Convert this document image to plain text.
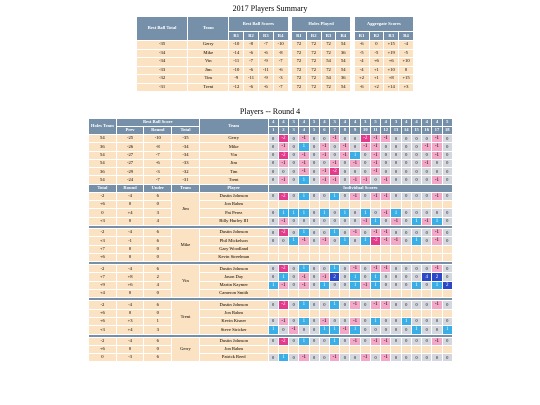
2017 Players Summary
Best Ball Total	Team	Best Ball Scores					Holes Played					Aggregate Scores			
		R1	R2	R3	R4		R1	R2	R3	R4		R1	R2	R3	R4
-35	Gerry	-10	-8	-7	-10		72	72	72	54		-6	0	+15	-4
-34	Mike	-14	-6	-6	-8		72	72	72	36		-5	-5	+19	-5
-34	Vin	-11	-7	-9	-7		72	72	54	54		-4	+6	+6	+10
-33	Jim	-10	-6	-11	-6		72	72	72	54		-4	+1	+10	0
-32	Tim	-9	-11	-9	-3		72	72	54	36		+2	+1	+8	+15
-31	Trent	-12	-6	-6	-7		72	72	72	54		-6	+2	+14	+3
Players -- Round 4
Holes Team	Best Ball Score			Team	4	4	3	4	5	4	3	4	4	3	5	4	3	4	4	4	4	5
	Prev	Round	Total		1	2	3	4	5	6	7	8	9	10	11	12	13	14	15	16	17	18
54	-25	-10	-35	Gerry	0	-2	0	-1	0	0	-1	0	0	-2	-1	-1	0	0	0	0	-1	0
36	-26	-8	-34	Mike	0	-1	0	1	0	-1	0	-1	0	-1	-1	0	0	0	0	-1	-1	0
54	-27	-7	-34	Vin	0	-2	0	-1	0	-1	0	-1	1	0	-1	0	0	0	0	0	-1	0
54	-27	-6	-33	Jim	0	-1	0	-1	0	0	-1	0	-1	0	-1	0	0	0	0	-1	0	0
36	-29	-3	-32	Tim	0	0	0	-1	0	-1	-2	0	0	0	-1	0	0	0	0	0	0	0
54	-24	-7	-31	Trent	0	-1	0	1	0	-1	-1	0	-1	-1	0	-1	0	0	0	0	-1	0
Total	Round	Under	Team	Player	Individual Scores																	
-2	-4	6	Jim	Dustin Johnson	0	-2	0	1	0	0	1	0	-1	0	-1	-1	0	0	0	0	-1	0
+6	0	0		Jon Rahm																		
0	+4	3		Pat Perez	0	1	1	1	0	1	0	1	0	1	0	-1	1	0	0	0	0	0
+3	0	4		Billy Hurley III	0	-1	0	0	0	0	0	0	0	-1	1	0	-1	0	1	-1	1	0

-2	-4	6	Mike	Dustin Johnson	0	-2	0	1	0	0	1	0	-1	0	-1	-1	0	0	0	0	-1	0
+3	-1	6		Phil Mickelson	0	0	1	-1	0	-1	0	1	0	1	-2	-1	-1	0	1	0	-1	0
+7	0	0		Gary Woodland																		
+6	0	0		Kevin Streelman																		

-2	-4	6	Vin	Dustin Johnson	0	-2	0	1	0	0	1	0	-1	0	-1	-1	0	0	0	0	-1	0
+7	+8	2		Jason Day	0	1	0	-1	0	-1	2	0	1	0	1	0	0	0	0	4	2	0
+9	+6	4		Martin Kaymer	1	-1	0	-1	0	1	0	0	1	-1	1	0	0	0	1	0	1	2
+4	0	0		Cameron Smith																		

-2	-4	6	Trent	Dustin Johnson	0	-2	0	1	0	0	1	0	-1	0	-1	-1	0	0	0	0	-1	0
+6	0	0		Jon Rahm																		
+6	+3	1		Kevin Kisner	0	-1	0	1	0	-1	0	0	-1	0	1	0	0	1	0	0	0	0
+3	+4	3		Steve Stricker	1	0	-1	0	0	1	1	-1	1	0	0	0	0	0	1	0	0	1

-2	-4	6	Gerry	Dustin Johnson	0	-2	0	1	0	0	1	0	-1	0	-1	-1	0	0	0	0	-1	0
+6	0	0		Jon Rahm																		
0	-3	6		Patrick Reed	0	1	0	-1	0	0	-1	0	0	-1	0	-1	0	0	0	0	0	0
